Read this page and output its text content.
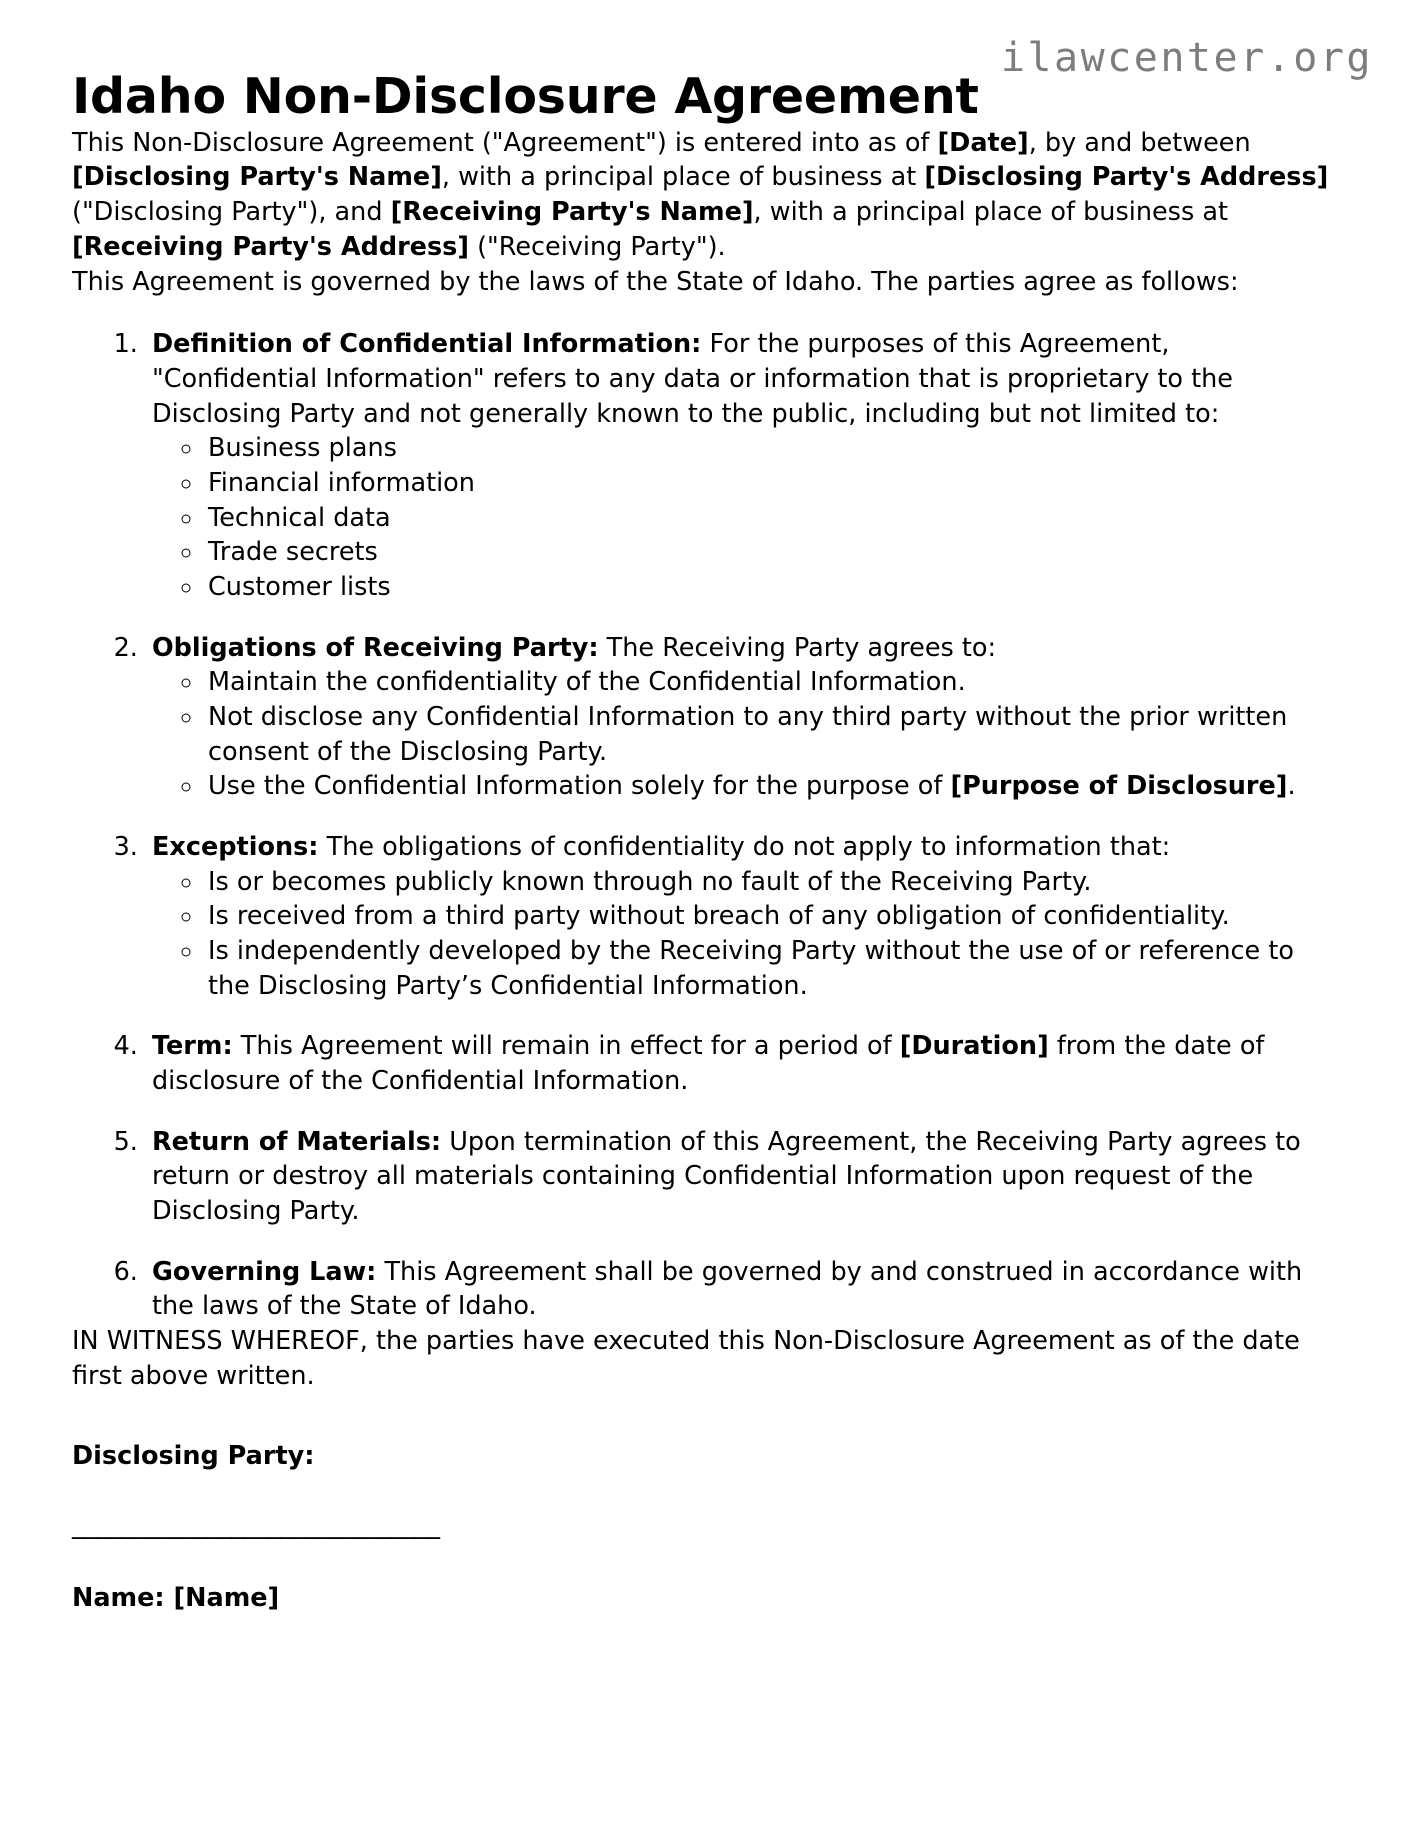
ilawcenter.org
Idaho Non-Disclosure Agreement

This Non-Disclosure Agreement ("Agreement") is entered into as of [Date], by and between [Disclosing Party's Name], with a principal place of business at [Disclosing Party's Address] ("Disclosing Party"), and [Receiving Party's Name], with a principal place of business at [Receiving Party's Address] ("Receiving Party").

This Agreement is governed by the laws of the State of Idaho. The parties agree as follows:

1. Definition of Confidential Information: For the purposes of this Agreement, "Confidential Information" refers to any data or information that is proprietary to the Disclosing Party and not generally known to the public, including but not limited to:
◦ Business plans
◦ Financial information
◦ Technical data
◦ Trade secrets
◦ Customer lists
2. Obligations of Receiving Party: The Receiving Party agrees to:
◦ Maintain the confidentiality of the Confidential Information.
◦ Not disclose any Confidential Information to any third party without the prior written consent of the Disclosing Party.
◦ Use the Confidential Information solely for the purpose of [Purpose of Disclosure].
3. Exceptions: The obligations of confidentiality do not apply to information that:
◦ Is or becomes publicly known through no fault of the Receiving Party.
◦ Is received from a third party without breach of any obligation of confidentiality.
◦ Is independently developed by the Receiving Party without the use of or reference to the Disclosing Party’s Confidential Information.
4. Term: This Agreement will remain in effect for a period of [Duration] from the date of disclosure of the Confidential Information.
5. Return of Materials: Upon termination of this Agreement, the Receiving Party agrees to return or destroy all materials containing Confidential Information upon request of the Disclosing Party.
6. Governing Law: This Agreement shall be governed by and construed in accordance with the laws of the State of Idaho.

IN WITNESS WHEREOF, the parties have executed this Non-Disclosure Agreement as of the date first above written.

Disclosing Party:

______________________________

Name: [Name]
